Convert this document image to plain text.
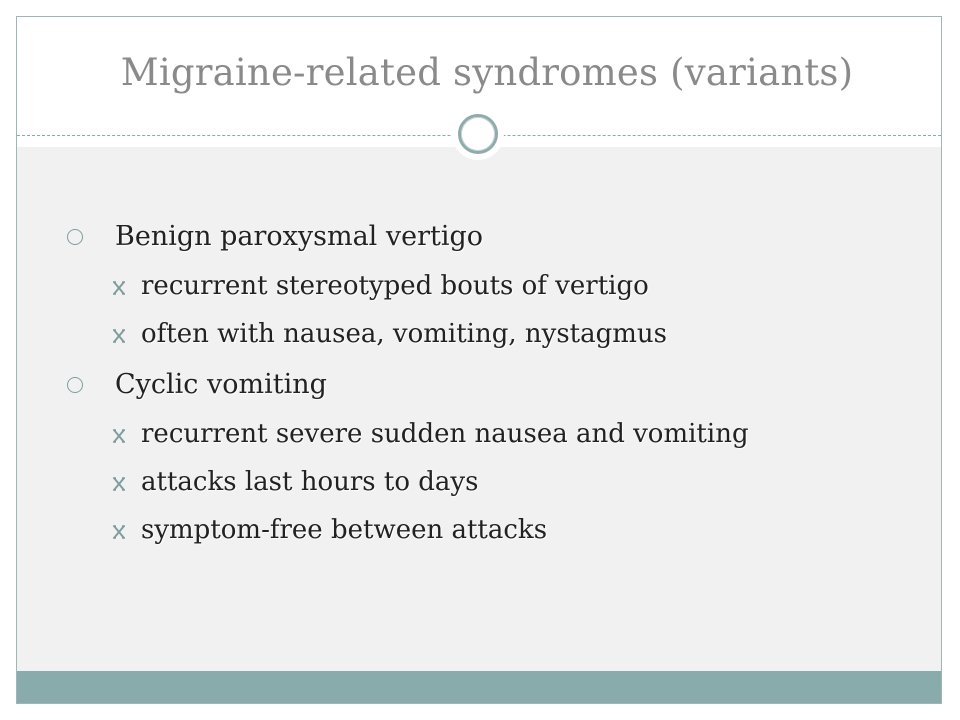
Migraine-related syndromes (variants)
Benign paroxysmal vertigo
recurrent stereotyped bouts of vertigo
often with nausea, vomiting, nystagmus
Cyclic vomiting
recurrent severe sudden nausea and vomiting
attacks last hours to days
symptom-free between attacks
